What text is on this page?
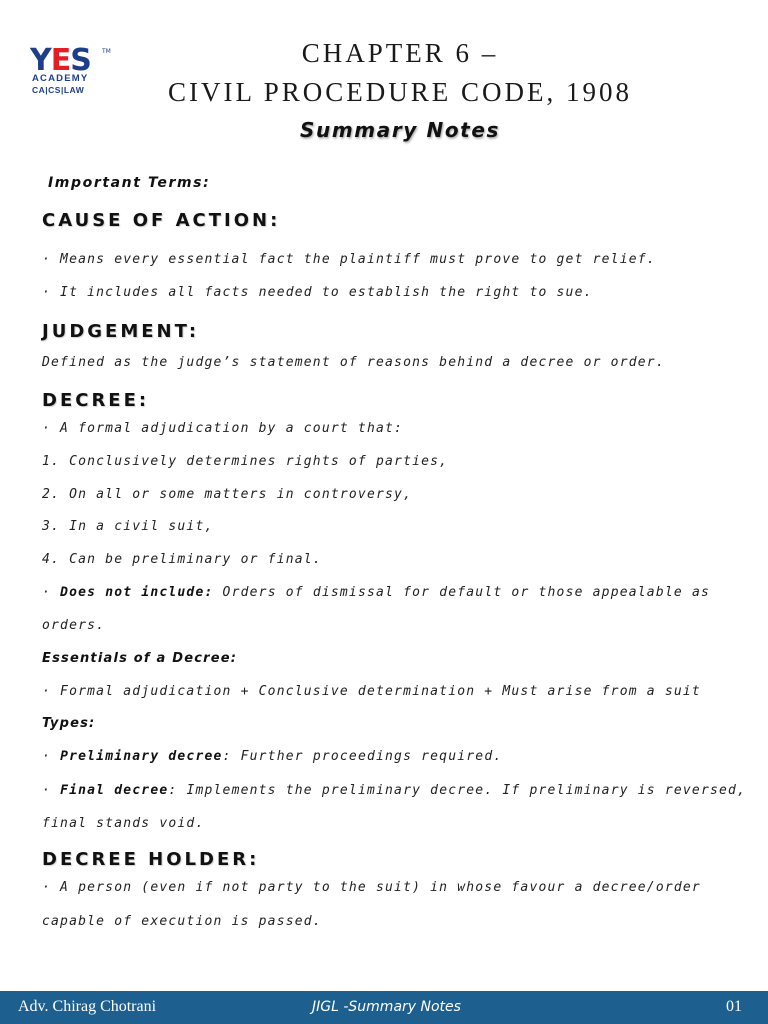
YES TM
ACADEMY
CA|CS|LAW
CHAPTER 6 –
CIVIL PROCEDURE CODE, 1908
Summary Notes
Important Terms:
CAUSE OF ACTION:
· Means every essential fact the plaintiff must prove to get relief.
· It includes all facts needed to establish the right to sue.
JUDGEMENT:
Defined as the judge’s statement of reasons behind a decree or order.
DECREE:
· A formal adjudication by a court that:
1. Conclusively determines rights of parties,
2. On all or some matters in controversy,
3. In a civil suit,
4. Can be preliminary or final.
· Does not include: Orders of dismissal for default or those appealable as
orders.
Essentials of a Decree:
· Formal adjudication + Conclusive determination + Must arise from a suit
Types:
· Preliminary decree: Further proceedings required.
· Final decree: Implements the preliminary decree. If preliminary is reversed,
final stands void.
DECREE HOLDER:
· A person (even if not party to the suit) in whose favour a decree/order
capable of execution is passed.
Adv. Chirag Chotrani	JIGL -Summary Notes	01
